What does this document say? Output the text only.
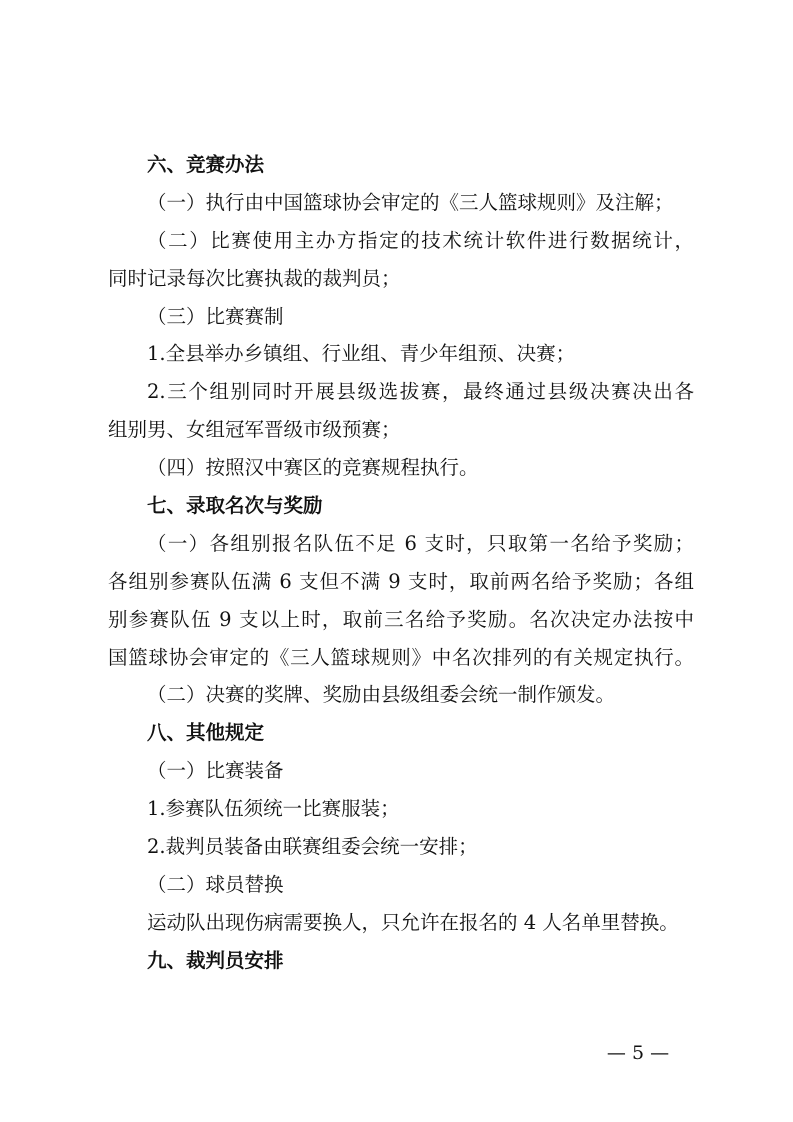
六、竞赛办法
（一）执行由中国篮球协会审定的《三人篮球规则》及注解；
（二）比赛使用主办方指定的技术统计软件进行数据统计，
同时记录每次比赛执裁的裁判员；
（三）比赛赛制
1.全县举办乡镇组、行业组、青少年组预、决赛；
2.三个组别同时开展县级选拔赛，最终通过县级决赛决出各
组别男、女组冠军晋级市级预赛；
（四）按照汉中赛区的竞赛规程执行。
七、录取名次与奖励
（一）各组别报名队伍不足 6 支时，只取第一名给予奖励；
各组别参赛队伍满 6 支但不满 9 支时，取前两名给予奖励；各组
别参赛队伍 9 支以上时，取前三名给予奖励。名次决定办法按中
国篮球协会审定的《三人篮球规则》中名次排列的有关规定执行。
（二）决赛的奖牌、奖励由县级组委会统一制作颁发。
八、其他规定
（一）比赛装备
1.参赛队伍须统一比赛服装；
2.裁判员装备由联赛组委会统一安排；
（二）球员替换
运动队出现伤病需要换人，只允许在报名的 4 人名单里替换。
九、裁判员安排
— 5 —
